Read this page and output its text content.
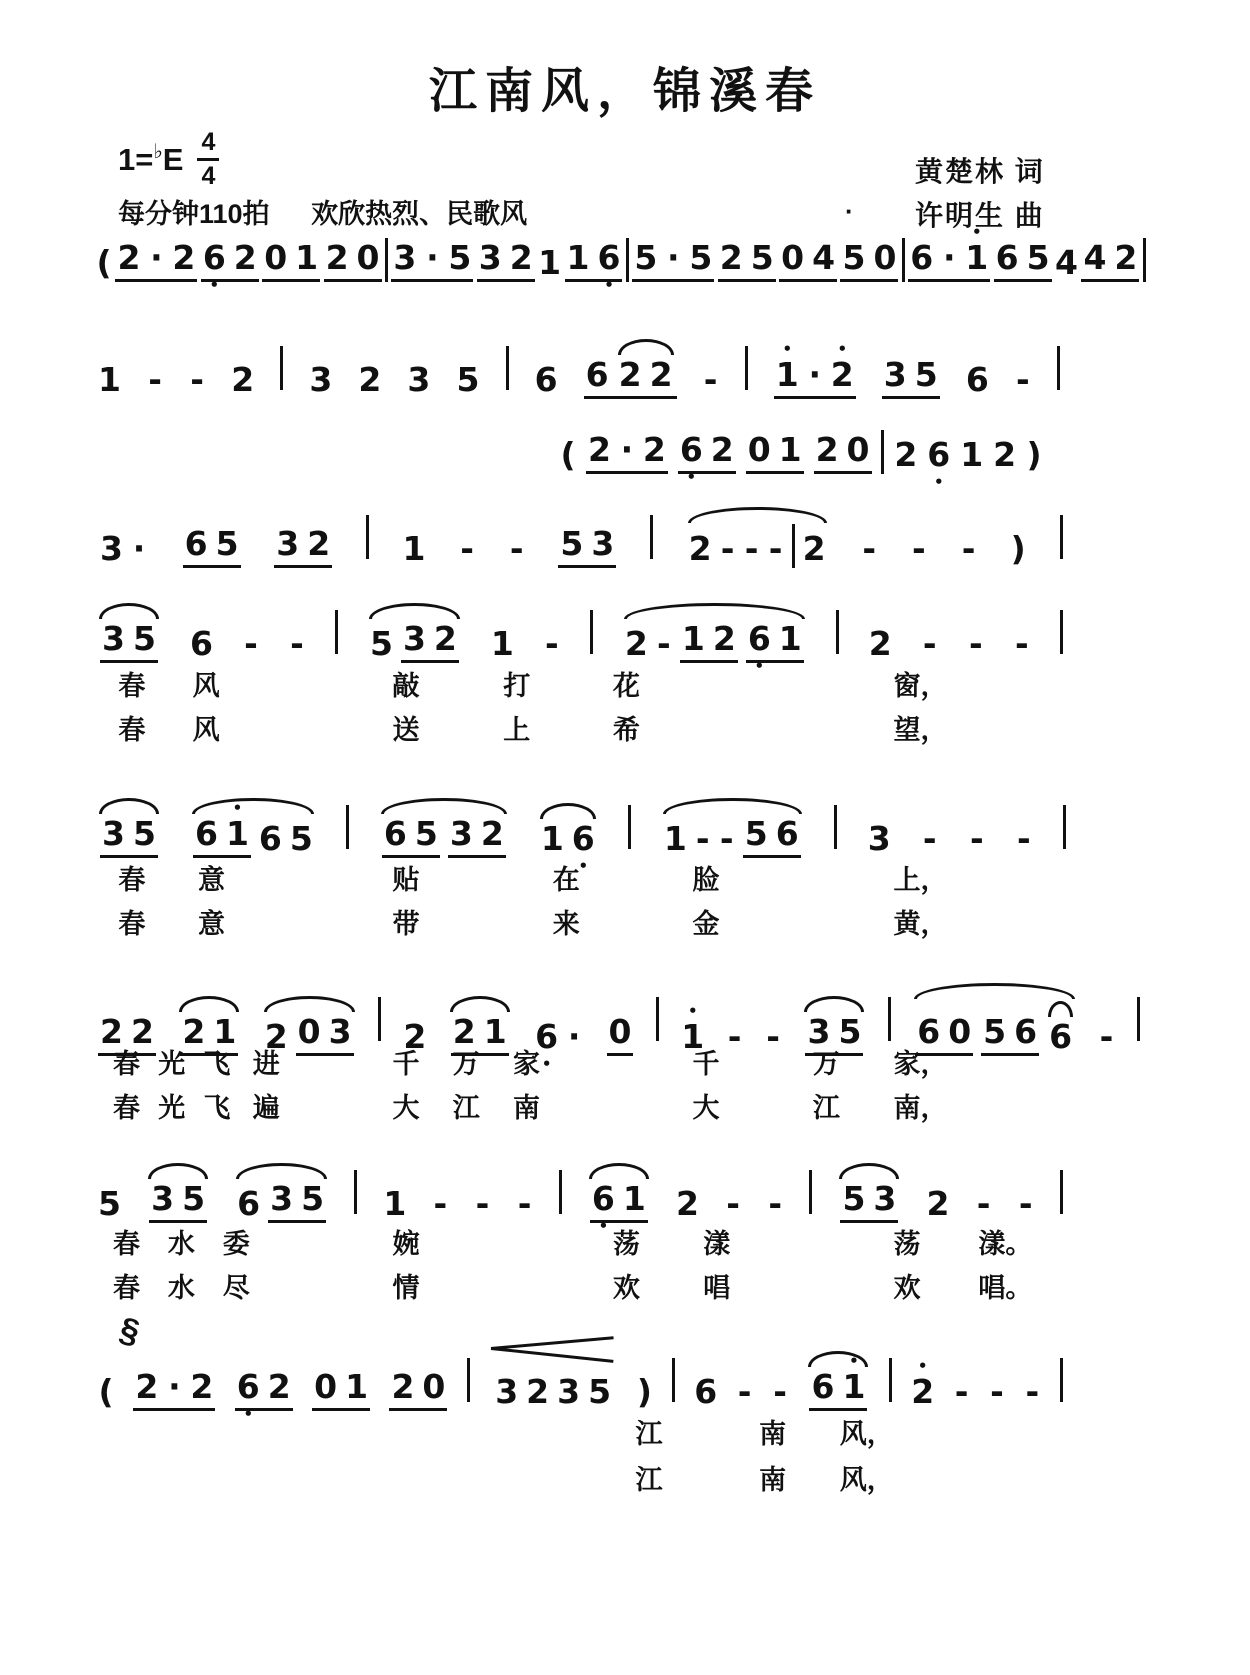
江南风，锦溪春
1=♭ E $\frac{4}{4}$
每分钟110拍 欢欣热烈、民歌风
黄楚林 词
· 许明生 曲
§
( 2 · 2 6 • 2 0 1 2 0 3 · 5 3 2 1 1 6 • 5 · 5 2 5 0 4 5 0 6 · • 1 6 5 4 4 2
1 - - 2 3 2 3 5 6 6 2 2 - • 1 · • 2 3 5 6 -
( 2 · 2 6 • 2 0 1 2 0 2 6 • 1 2 )
3 · 6 5 3 2 1 - - 5 3 2 - - - 2 - - - )
3 5 6 - - 5 3 2 1 - 2 - 1 2 6 • 1 2 - - -
春 风	敲	打	花	窗，
春 风	送	上	希	望，
3 5 6 • 1 6 5 6 5 3 2 1 6 • 1 - - 5 6 3 - - -
春 意	贴	在	脸	上，
春 意	带	来	金	黄，
2 2 2 1 2 0 3 2 2 1 6 • · 0 • 1 - - 3 5 6 0 5 6 6 -
春 光 飞 进	千 万 家	千	万 家，
春 光 飞 遍	大 江 南	大	江 南，
5 3 5 6 3 5 1 - - - 6 • 1 2 - - 5 3 2 - -
春 水 委	婉	荡 漾	荡 漾。
春 水 尽	情	欢 唱	欢 唱。
( 2 · 2 6 • 2 0 1 2 0 3 2 3 5 ) 6 - - 6 • 1 • 2 - - -
江	南 风，
江	南 风，
